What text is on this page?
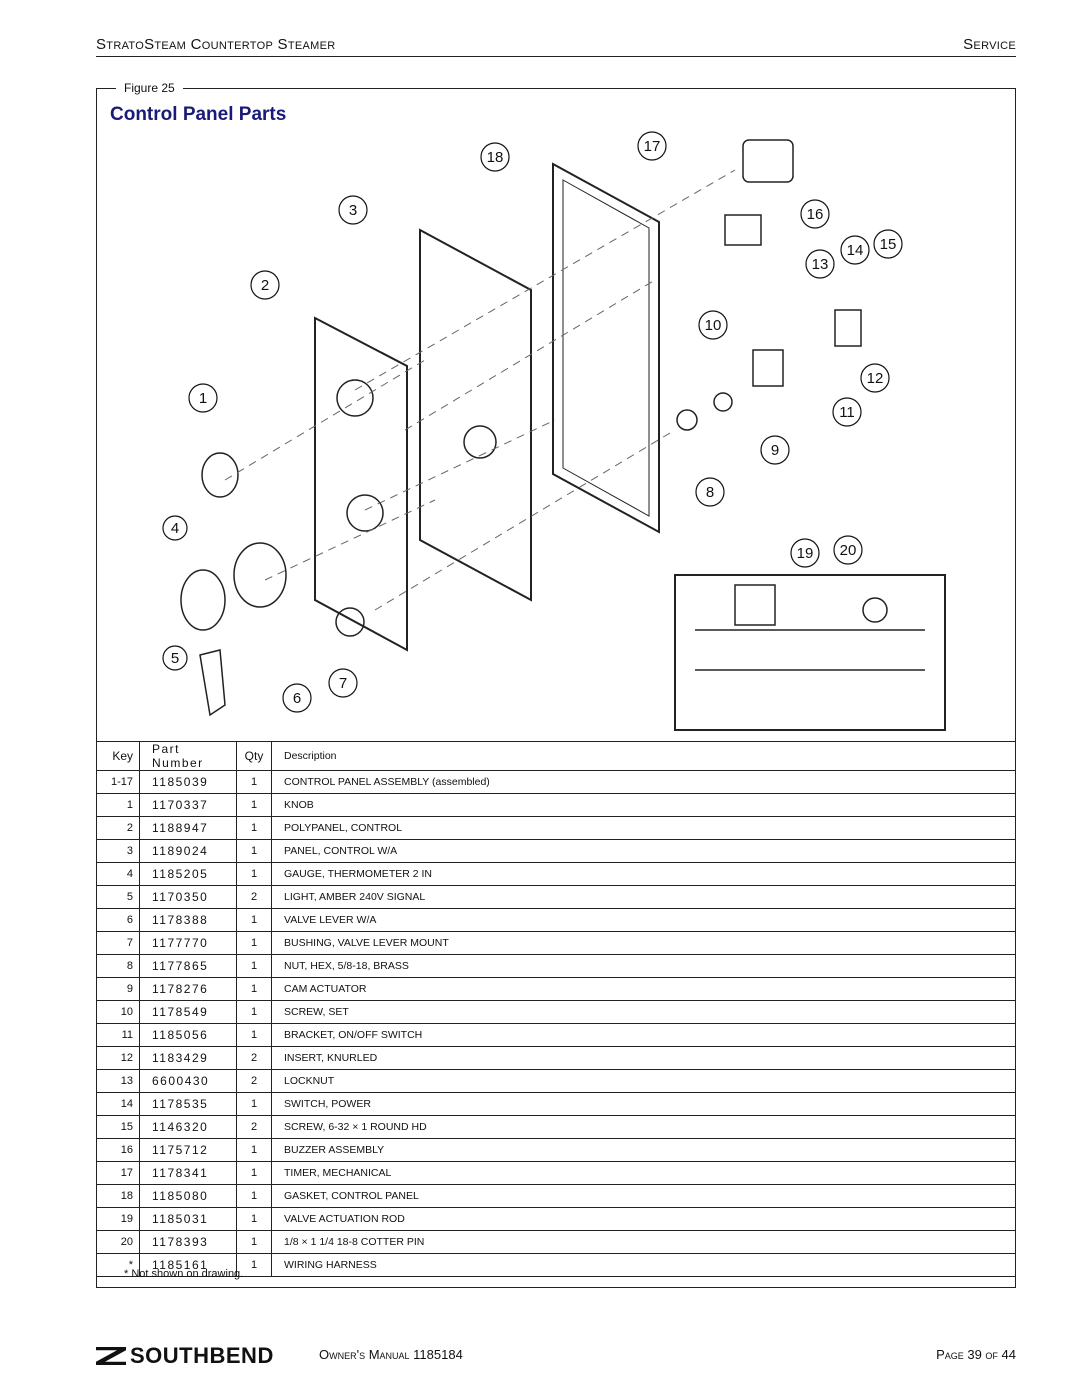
StratoSteam Countertop Steamer	Service
Figure 25
Control Panel Parts
1
2
3
4
5
6
7
8
9
10
11
12
13
14 15
16
17
18
19 20
Key	Part Number	Qty	Description
1-17	1185039	1	CONTROL PANEL ASSEMBLY (assembled)
1	1170337	1	KNOB
2	1188947	1	POLYPANEL, CONTROL
3	1189024	1	PANEL, CONTROL W/A
4	1185205	1	GAUGE, THERMOMETER 2 IN
5	1170350	2	LIGHT, AMBER 240V SIGNAL
6	1178388	1	VALVE LEVER W/A
7	1177770	1	BUSHING, VALVE LEVER MOUNT
8	1177865	1	NUT, HEX, 5/8-18, BRASS
9	1178276	1	CAM ACTUATOR
10	1178549	1	SCREW, SET
11	1185056	1	BRACKET, ON/OFF SWITCH
12	1183429	2	INSERT, KNURLED
13	6600430	2	LOCKNUT
14	1178535	1	SWITCH, POWER
15	1146320	2	SCREW, 6-32 × 1 ROUND HD
16	1175712	1	BUZZER ASSEMBLY
17	1178341	1	TIMER, MECHANICAL
18	1185080	1	GASKET, CONTROL PANEL
19	1185031	1	VALVE ACTUATION ROD
20	1178393	1	1/8 × 1 1/4 18-8 COTTER PIN
*	1185161	1	WIRING HARNESS

* Not shown on drawing.
SOUTHBEND	Owner's Manual 1185184	Page 39 of 44
